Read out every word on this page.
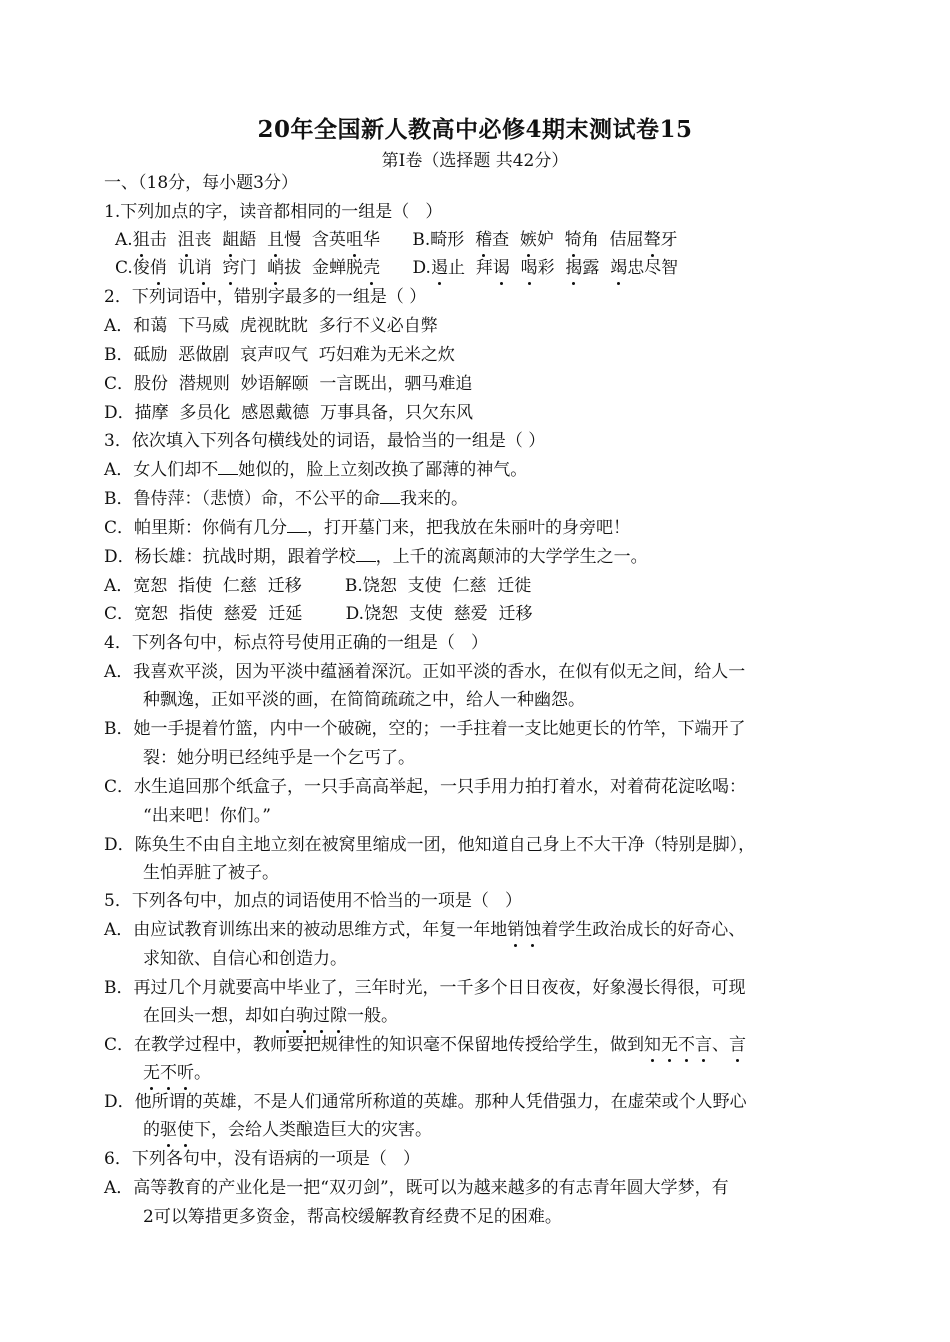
20年全国新人教高中必修4期末测试卷15
第Ⅰ卷（选择题 共42分）
一、（18分，每小题3分）
1.下列加点的字，读音都相同的一组是（   ）
A.狙击  沮丧  龃龉  且慢  含英咀华 B.畸形  稽查  嫉妒  犄角  佶屈聱牙
C.俊俏  讥诮 窍门  峭拔  金蝉脱壳 D.遏止  拜谒 喝彩  揭露  竭忠尽智
2．下列词语中，错别字最多的一组是（ ）
A．和蔼  下马威  虎视眈眈  多行不义必自弊
B．砥励  恶做剧  哀声叹气  巧妇难为无米之炊
C．股份  潜规则  妙语解颐  一言既出，驷马难追
D．描摩  多员化  感恩戴德  万事具备，只欠东风
3．依次填入下列各句横线处的词语，最恰当的一组是（ ）
A．女人们却不 她似的，脸上立刻改换了鄙薄的神气。
B．鲁侍萍：（悲愤）命，不公平的命 我来的。
C．帕里斯：你倘有几分 ，打开墓门来，把我放在朱丽叶的身旁吧！
D．杨长雄：抗战时期，跟着学校 ，上千的流离颠沛的大学学生之一。
A．宽恕  指使  仁慈  迁移        B.饶恕  支使  仁慈  迁徙
C．宽恕  指使  慈爱  迁延        D.饶恕  支使  慈爱  迁移
4．下列各句中，标点符号使用正确的一组是（   ）
A．我喜欢平淡，因为平淡中蕴涵着深沉。正如平淡的香水，在似有似无之间，给人一
种飘逸，正如平淡的画，在简简疏疏之中，给人一种幽怨。
B．她一手提着竹篮，内中一个破碗，空的；一手拄着一支比她更长的竹竿，下端开了
裂：她分明已经纯乎是一个乞丐了。
C．水生追回那个纸盒子，一只手高高举起，一只手用力拍打着水，对着荷花淀吆喝：
“出来吧！你们。”
D．陈奂生不由自主地立刻在被窝里缩成一团，他知道自己身上不大干净（特别是脚），
生怕弄脏了被子。
5．下列各句中，加点的词语使用不恰当的一项是（   ）
A．由应试教育训练出来的被动思维方式，年复一年地销蚀着学生政治成长的好奇心、
求知欲、自信心和创造力。
B．再过几个月就要高中毕业了，三年时光，一千多个日日夜夜，好象漫长得很，可现
在回头一想，却如白驹过隙一般。
C．在教学过程中，教师要把规律性的知识毫不保留地传授给学生，做到知无不言、言
无不听。
D．他所谓的英雄，不是人们通常所称道的英雄。那种人凭借强力，在虚荣或个人野心
的驱使下，会给人类酿造巨大的灾害。
6．下列各句中，没有语病的一项是（   ）
A．高等教育的产业化是一把“双刃剑”，既可以为越来越多的有志青年圆大学梦，有
2可以筹措更多资金，帮高校缓解教育经费不足的困难。
